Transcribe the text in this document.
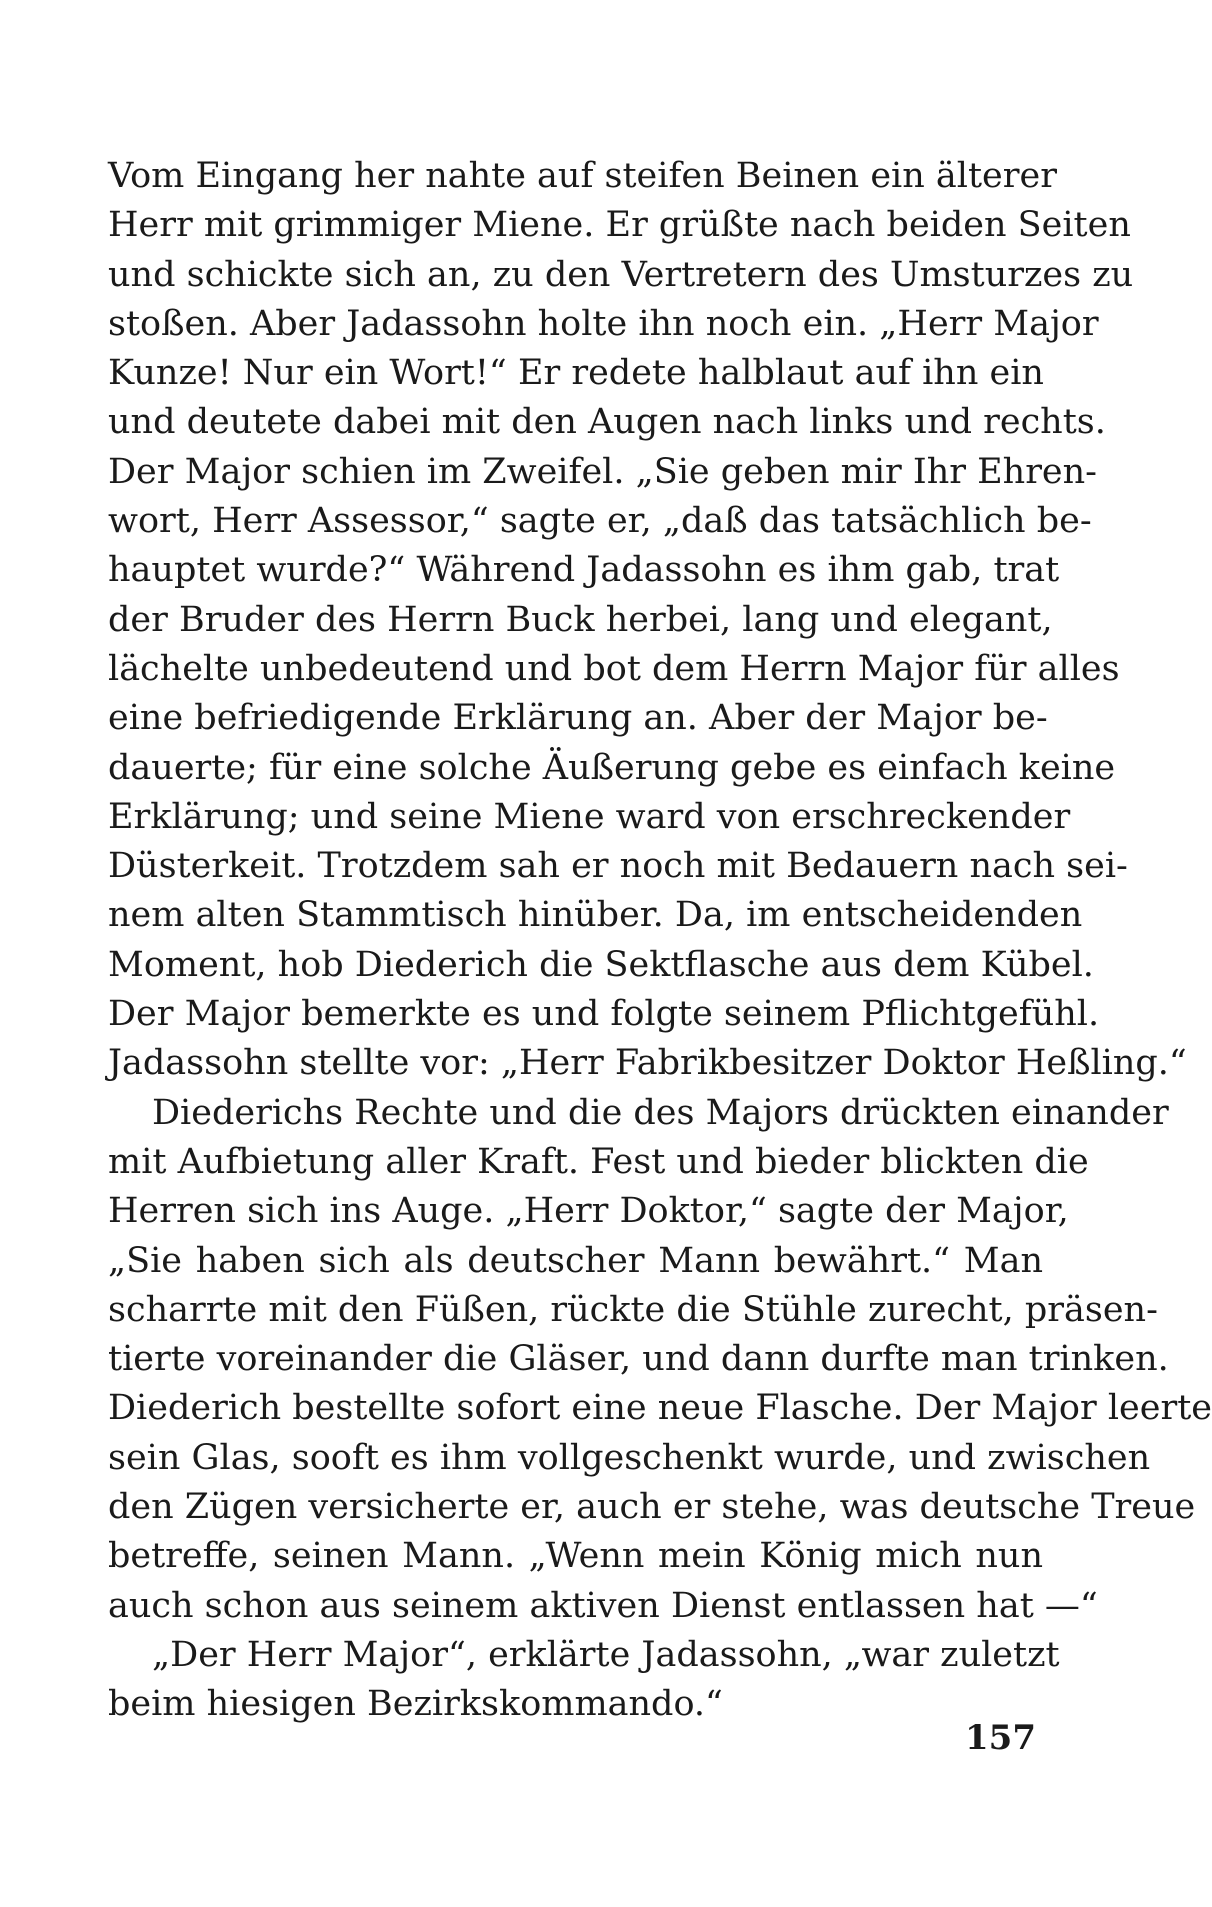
Vom Eingang her nahte auf steifen Beinen ein älterer
Herr mit grimmiger Miene. Er grüßte nach beiden Seiten
und schickte sich an, zu den Vertretern des Umsturzes zu
stoßen. Aber Jadassohn holte ihn noch ein. „Herr Major
Kunze! Nur ein Wort!“ Er redete halblaut auf ihn ein
und deutete dabei mit den Augen nach links und rechts.
Der Major schien im Zweifel. „Sie geben mir Ihr Ehren-
wort, Herr Assessor,“ sagte er, „daß das tatsächlich be-
hauptet wurde?“ Während Jadassohn es ihm gab, trat
der Bruder des Herrn Buck herbei, lang und elegant,
lächelte unbedeutend und bot dem Herrn Major für alles
eine befriedigende Erklärung an. Aber der Major be-
dauerte; für eine solche Äußerung gebe es einfach keine
Erklärung; und seine Miene ward von erschreckender
Düsterkeit. Trotzdem sah er noch mit Bedauern nach sei-
nem alten Stammtisch hinüber. Da, im entscheidenden
Moment, hob Diederich die Sektflasche aus dem Kübel.
Der Major bemerkte es und folgte seinem Pflichtgefühl.
Jadassohn stellte vor: „Herr Fabrikbesitzer Doktor Heßling.“
Diederichs Rechte und die des Majors drückten einander
mit Aufbietung aller Kraft. Fest und bieder blickten die
Herren sich ins Auge. „Herr Doktor,“ sagte der Major,
„Sie haben sich als deutscher Mann bewährt.“ Man
scharrte mit den Füßen, rückte die Stühle zurecht, präsen-
tierte voreinander die Gläser, und dann durfte man trinken.
Diederich bestellte sofort eine neue Flasche. Der Major leerte
sein Glas, sooft es ihm vollgeschenkt wurde, und zwischen
den Zügen versicherte er, auch er stehe, was deutsche Treue
betreffe, seinen Mann. „Wenn mein König mich nun
auch schon aus seinem aktiven Dienst entlassen hat —“
„Der Herr Major“, erklärte Jadassohn, „war zuletzt
beim hiesigen Bezirkskommando.“
157
